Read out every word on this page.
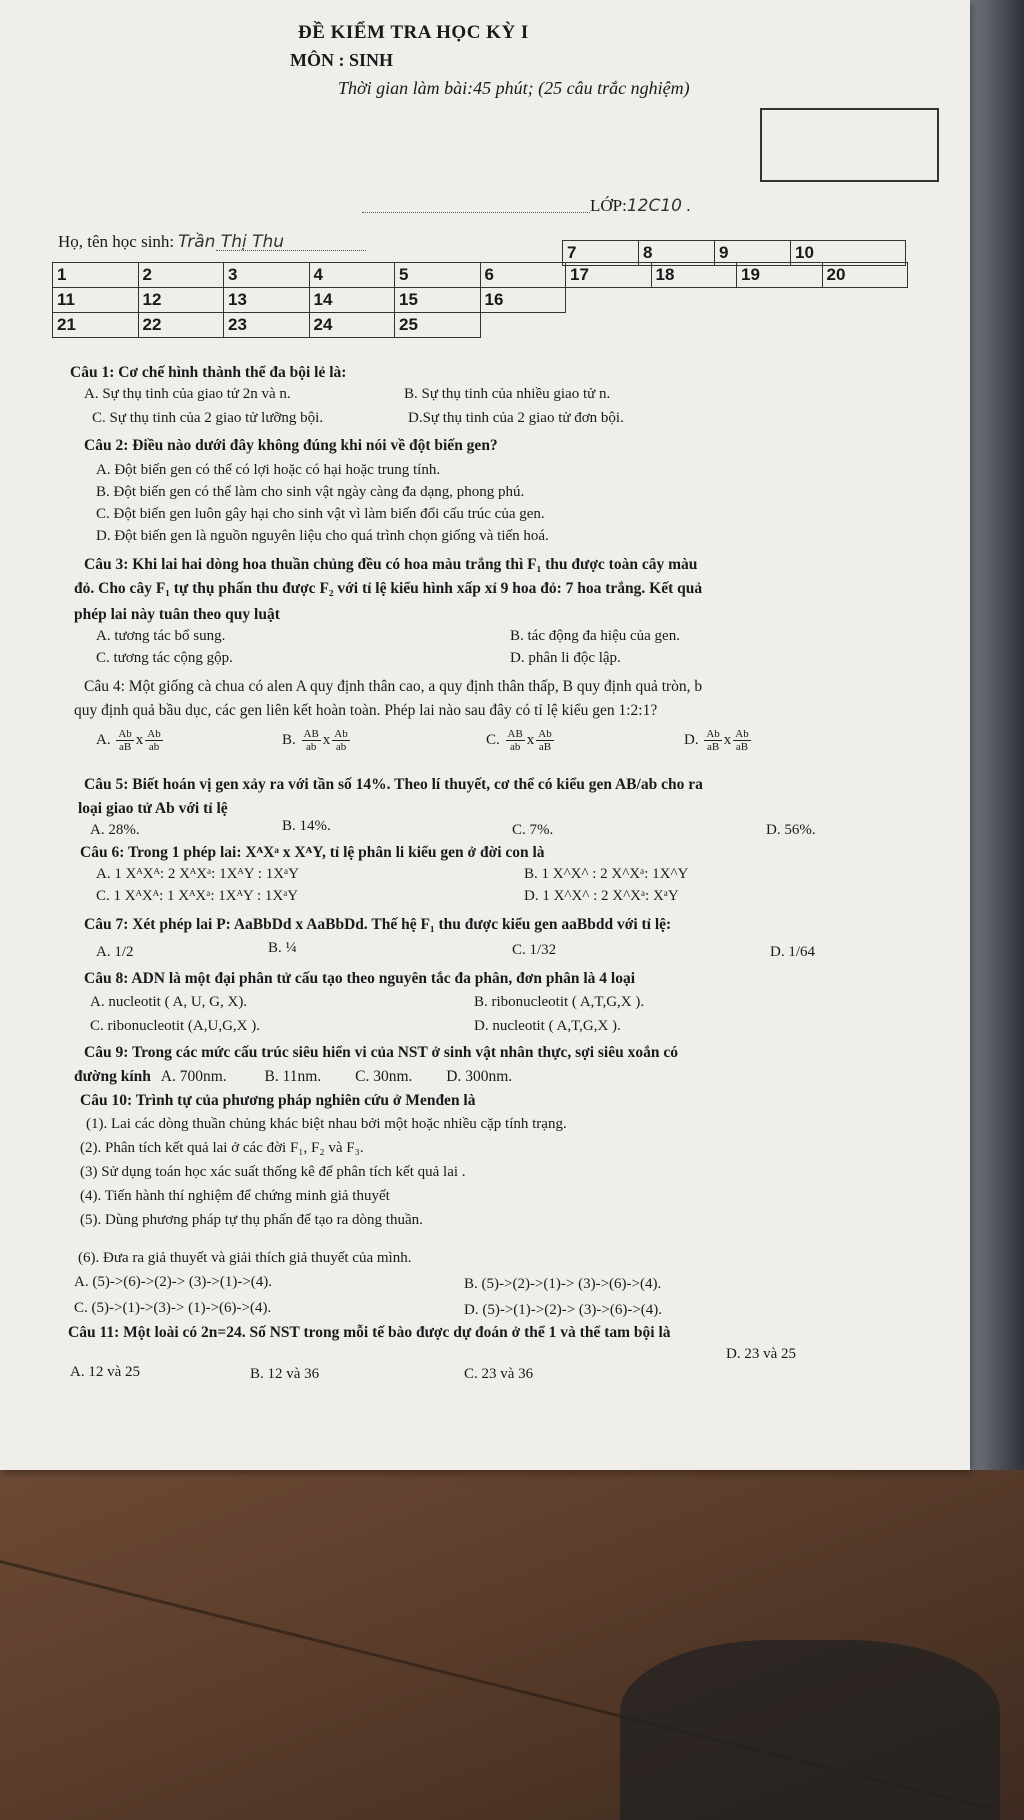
ĐỀ KIỂM TRA HỌC KỲ I
MÔN : SINH
Thời gian làm bài:45 phút; (25 câu trắc nghiệm)
LỚP:12C10 .
Họ, tên học sinh: Trần Thị Thu
7	8	9	10
1	2	3	4	5	6	17	18	19	20
11	12	13	14	15	16				
21	22	23	24	25					
Câu 1: Cơ chế hình thành thể đa bội lẻ là:
A. Sự thụ tinh của giao tử 2n và n.	B. Sự thụ tinh của nhiều giao tử n.
C. Sự thụ tinh của 2 giao tử lưỡng bội.	D.Sự thụ tinh của 2 giao tử đơn bội.
Câu 2: Điều nào dưới đây không đúng khi nói về đột biến gen?
A. Đột biến gen có thể có lợi hoặc có hại hoặc trung tính.
B. Đột biến gen có thể làm cho sinh vật ngày càng đa dạng, phong phú.
C. Đột biến gen luôn gây hại cho sinh vật vì làm biến đổi cấu trúc của gen.
D. Đột biến gen là nguồn nguyên liệu cho quá trình chọn giống và tiến hoá.
Câu 3: Khi lai hai dòng hoa thuần chủng đều có hoa màu trắng thì F₁ thu được toàn cây màu
đỏ. Cho cây F₁ tự thụ phấn thu được F₂ với tỉ lệ kiểu hình xấp xỉ 9 hoa đỏ: 7 hoa trắng. Kết quả
phép lai này tuân theo quy luật
A. tương tác bổ sung.	B. tác động đa hiệu của gen.
C. tương tác cộng gộp.	D. phân li độc lập.
Câu 4: Một giống cà chua có alen A quy định thân cao, a quy định thân thấp, B quy định quả tròn, b
quy định quả bầu dục, các gen liên kết hoàn toàn. Phép lai nào sau đây có tỉ lệ kiểu gen 1:2:1?
A. $\frac{Ab}{aB}$ x $\frac{Ab}{ab}$	B. $\frac{AB}{ab}$ x $\frac{Ab}{ab}$	C. $\frac{AB}{ab}$ x $\frac{Ab}{aB}$	D. $\frac{Ab}{aB}$ x $\frac{Ab}{aB}$
Câu 5: Biết hoán vị gen xảy ra với tần số 14%. Theo lí thuyết, cơ thể có kiểu gen AB/ab cho ra
loại giao tử Ab với tỉ lệ
A. 28%.	B. 14%.	C. 7%.	D. 56%.
Câu 6: Trong 1 phép lai: XᴬXᵃ x XᴬY, tỉ lệ phân li kiểu gen ở đời con là
A. 1 XᴬXᴬ: 2 XᴬXᵃ: 1XᴬY : 1XᵃY	B. 1 X^X^ : 2 X^Xᵃ: 1X^Y
C. 1 XᴬXᴬ: 1 XᴬXᵃ: 1XᴬY : 1XᵃY	D. 1 X^X^ : 2 X^Xᵃ: XᵃY
Câu 7: Xét phép lai P: AaBbDd x AaBbDd. Thế hệ F₁ thu được kiểu gen aaBbdd với tỉ lệ:
A. 1/2	B. ¼	C. 1/32	D. 1/64
Câu 8: ADN là một đại phân tử cấu tạo theo nguyên tắc đa phân, đơn phân là 4 loại
A. nucleotit ( A, U, G, X).	B. ribonucleotit ( A,T,G,X ).
C. ribonucleotit (A,U,G,X ).	D. nucleotit ( A,T,G,X ).
Câu 9: Trong các mức cấu trúc siêu hiển vi của NST ở sinh vật nhân thực, sợi siêu xoắn có
đường kính A. 700nm. B. 11nm. C. 30nm. D. 300nm.
Câu 10: Trình tự của phương pháp nghiên cứu ở Menđen là
(1). Lai các dòng thuần chủng khác biệt nhau bởi một hoặc nhiều cặp tính trạng.
(2). Phân tích kết quả lai ở các đời F₁, F₂ và F₃.
(3) Sử dụng toán học xác suất thống kê để phân tích kết quả lai .
(4). Tiến hành thí nghiệm để chứng minh giả thuyết
(5). Dùng phương pháp tự thụ phấn để tạo ra dòng thuần.
(6). Đưa ra giả thuyết và giải thích giả thuyết của mình.
A. (5)->(6)->(2)-> (3)->(1)->(4).	B. (5)->(2)->(1)-> (3)->(6)->(4).
C. (5)->(1)->(3)-> (1)->(6)->(4).	D. (5)->(1)->(2)-> (3)->(6)->(4).
Câu 11: Một loài có 2n=24. Số NST trong mỗi tế bào được dự đoán ở thể 1 và thể tam bội là
A. 12 và 25	B. 12 và 36	C. 23 và 36
D. 23 và 25
